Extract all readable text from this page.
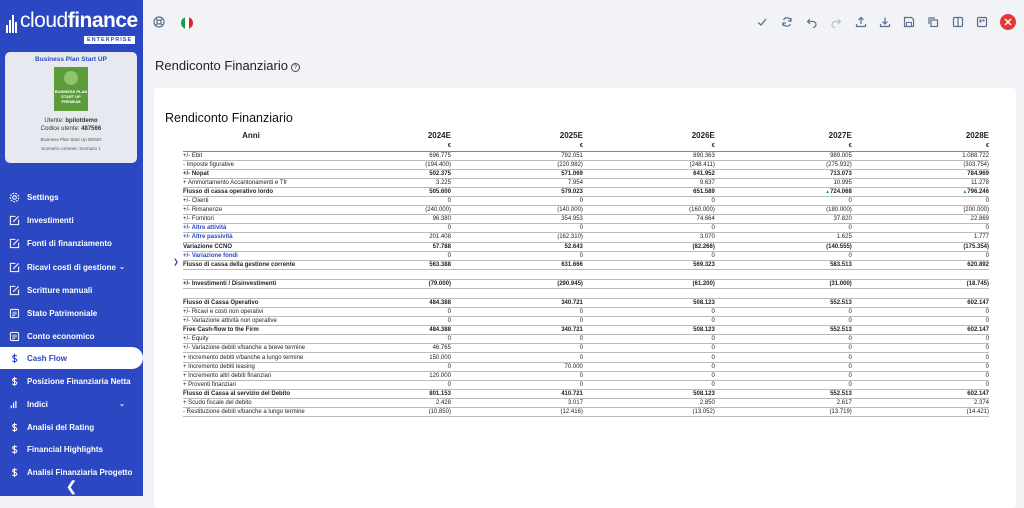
cloudfinance
ENTERPRISE
Business Plan Start UP
BUSINESS PLAN
START UP
PREMIUM
Utente: bpilotdemo
Codice utente: 487566
Business Plan Start Up DEMO
Scenario corrente: Scenario 1
Settings
Investimenti
Fonti di finanziamento
Ricavi costi di gestione ⌄
Scritture manuali
Stato Patrimoniale
Conto economico
Cash Flow
Posizione Finanziaria Netta
Indici	⌄
Analisi del Rating
Financial Highlights
Analisi Finanziaria Progetto
❮
Rendiconto Finanziario ?
Rendiconto Finanziario
❯
Anni	2024E	2025E	2026E	2027E	2028E
	€	€	€	€	€
+/- Ebit	696.775	792.051	890.363	989.005	1.088.722
- Imposte figurative	(194.400)	(220.982)	(248.411)	(275.932)	(303.754)
+/- Nopat	502.375	571.069	641.952	713.073	784.969
+ Ammortamento Accantonamenti e Tfr	3.225	7.954	9.637	10.995	11.278
Flusso di cassa operativo lordo	505.600	579.023	651.589	▲724.068	▲796.246
+/- Clienti	0	0	0	0	0
+/- Rimanenze	(240.000)	(140.000)	(160.000)	(180.000)	(200.000)
+/- Fornitori	96.380	354.953	74.664	37.820	22.869
+/- Altre attività	0	0	0	0	0
+/- Altre passività	201.408	(162.310)	3.070	1.625	1.777
Variazione CCNO	57.788	52.643	(82.266)	(140.555)	(175.354)
+/- Variazione fondi	0	0	0	0	0
Flusso di cassa della gestione corrente	563.388	631.666	569.323	583.513	620.892

+/- Investimenti / Disinvestimenti	(79.000)	(290.945)	(61.200)	(31.000)	(18.745)

Flusso di Cassa Operativo	484.388	340.721	508.123	552.513	602.147
+/- Ricavi e costi non operativi	0	0	0	0	0
+/- Variazione attività non operative	0	0	0	0	0
Free Cash-flow to the Firm	484.388	340.721	508.123	552.513	602.147
+/- Equity	0	0	0	0	0
+/- Variazione debiti v/banche a breve termine	46.765	0	0	0	0
+ Incremento debiti v/banche a lungo termine	150.000	0	0	0	0
+ Incremento debiti leasing	0	70.000	0	0	0
+ Incremento altri debiti finanziari	120.000	0	0	0	0
+ Proventi finanziari	0	0	0	0	0
Flusso di Cassa al servizio del Debito	801.153	410.721	508.123	552.513	602.147
+ Scudo fiscale del debito	2.428	3.017	2.850	2.617	2.374
- Restituzione debiti v/banche a lungo termine	(10.850)	(12.416)	(13.052)	(13.719)	(14.421)
